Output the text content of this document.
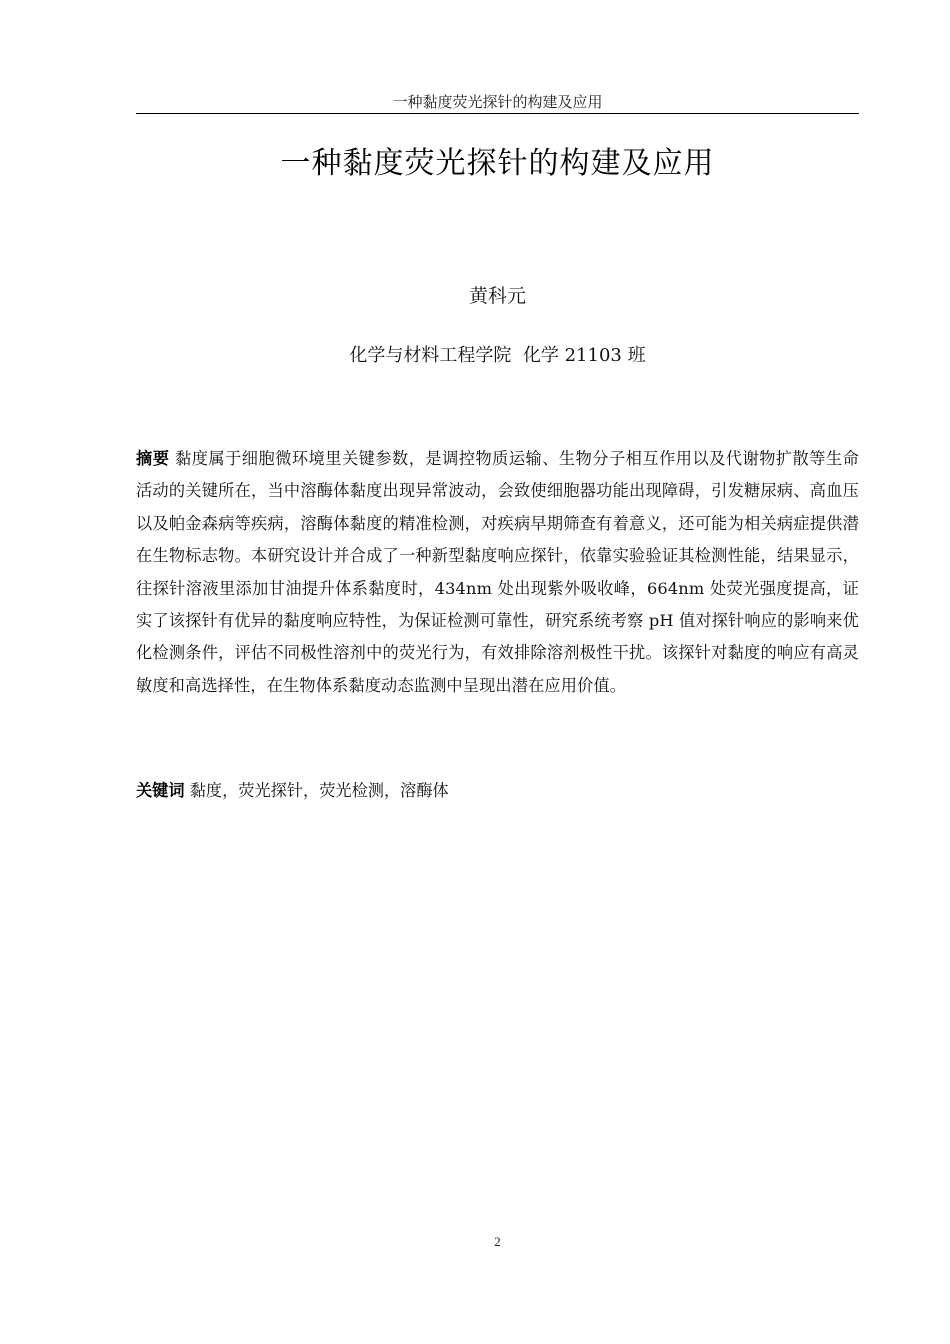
一种黏度荧光探针的构建及应用
一种黏度荧光探针的构建及应用
黄科元
化学与材料工程学院  化学 21103 班
摘要 黏度属于细胞微环境里关键参数，是调控物质运输、生物分子相互作用以及代谢物扩散等生命活动的关键所在，当中溶酶体黏度出现异常波动，会致使细胞器功能出现障碍，引发糖尿病、高血压以及帕金森病等疾病，溶酶体黏度的精准检测，对疾病早期筛查有着意义，还可能为相关病症提供潜在生物标志物。本研究设计并合成了一种新型黏度响应探针，依靠实验验证其检测性能，结果显示，往探针溶液里添加甘油提升体系黏度时，434nm 处出现紫外吸收峰，664nm 处荧光强度提高，证实了该探针有优异的黏度响应特性，为保证检测可靠性，研究系统考察 pH 值对探针响应的影响来优化检测条件，评估不同极性溶剂中的荧光行为，有效排除溶剂极性干扰。该探针对黏度的响应有高灵敏度和高选择性，在生物体系黏度动态监测中呈现出潜在应用价值。
关键词 黏度，荧光探针，荧光检测，溶酶体
2
